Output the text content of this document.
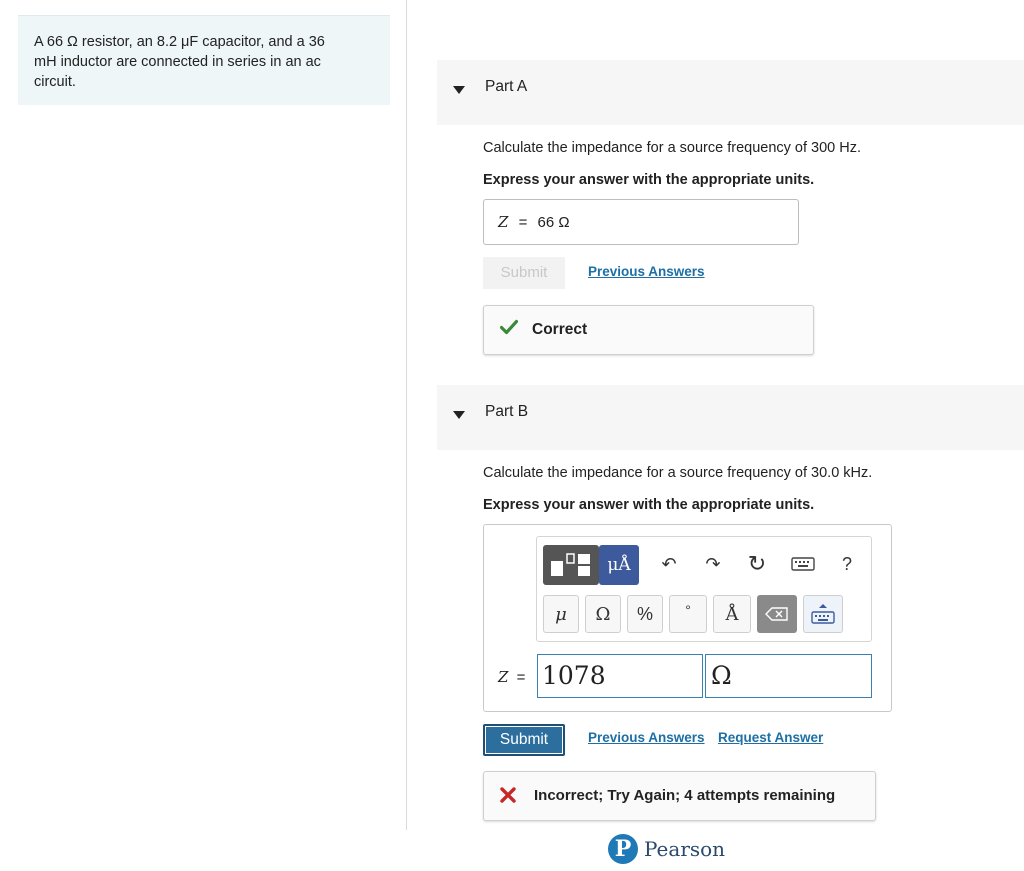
A 66 Ω resistor, an 8.2 μF capacitor, and a 36
mH inductor are connected in series in an ac
circuit.	Part A
Calculate the impedance for a source frequency of 300 Hz.
Express your answer with the appropriate units.
Z = 66 Ω
Submit	Previous Answers
Correct
Part B
Calculate the impedance for a source frequency of 30.0 kHz.
Express your answer with the appropriate units.
μÅ	↶	↷	↻	?
μ	Ω	%	°	Å
Z = 1078	Ω
Submit	Previous Answers Request Answer
Incorrect; Try Again; 4 attempts remaining
P Pearson
